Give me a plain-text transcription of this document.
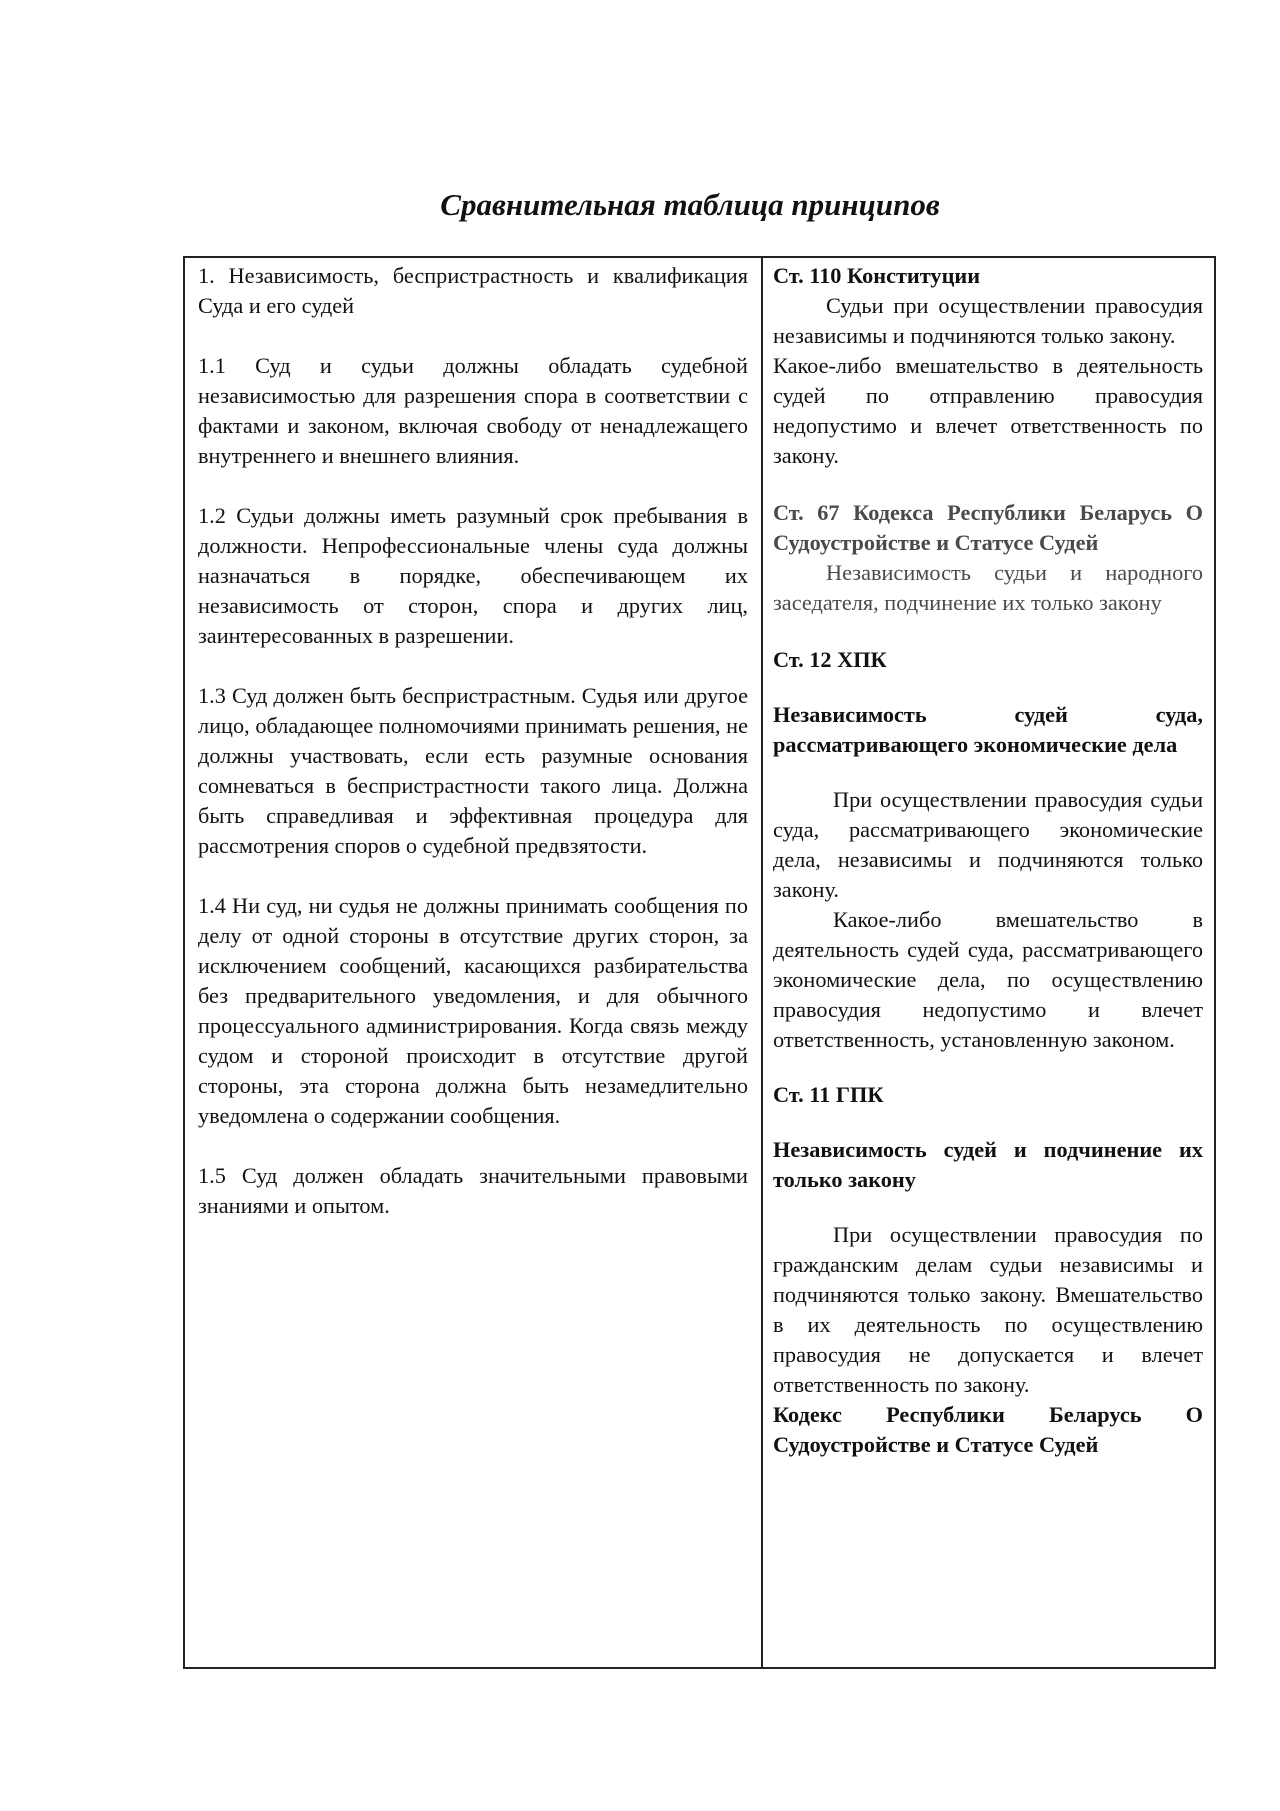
Сравнительная таблица принципов

1. Независимость, беспристрастность и квалификация Суда и его судей

1.1 Суд и судьи должны обладать судебной независимостью для разрешения спора в соответствии с фактами и законом, включая свободу от ненадлежащего внутреннего и внешнего влияния.

1.2 Судьи должны иметь разумный срок пребывания в должности. Непрофессиональные члены суда должны назначаться в порядке, обеспечивающем их независимость от сторон, спора и других лиц, заинтересованных в разрешении.

1.3 Суд должен быть беспристрастным. Судья или другое лицо, обладающее полномочиями принимать решения, не должны участвовать, если есть разумные основания сомневаться в беспристрастности такого лица. Должна быть справедливая и эффективная процедура для рассмотрения споров о судебной предвзятости.

1.4 Ни суд, ни судья не должны принимать сообщения по делу от одной стороны в отсутствие других сторон, за исключением сообщений, касающихся разбирательства без предварительного уведомления, и для обычного процессуального администрирования. Когда связь между судом и стороной происходит в отсутствие другой стороны, эта сторона должна быть незамедлительно уведомлена о содержании сообщения.

1.5 Суд должен обладать значительными правовыми знаниями и опытом.

Ст. 110 Конституции

Судьи при осуществлении правосудия независимы и подчиняются только закону.

Какое-либо вмешательство в деятельность судей по отправлению правосудия недопустимо и влечет ответственность по закону.

Ст. 67 Кодекса Республики Беларусь О Судоустройстве и Статусе Судей

Независимость судьи и народного заседателя, подчинение их только закону

Ст. 12 ХПК

Независимость судей суда, рассматривающего экономические дела

При осуществлении правосудия судьи суда, рассматривающего экономические дела, независимы и подчиняются только закону.

Какое-либо вмешательство в деятельность судей суда, рассматривающего экономические дела, по осуществлению правосудия недопустимо и влечет ответственность, установленную законом.

Ст. 11 ГПК

Независимость судей и подчинение их только закону

При осуществлении правосудия по гражданским делам судьи независимы и подчиняются только закону. Вмешательство в их деятельность по осуществлению правосудия не допускается и влечет ответственность по закону.

Кодекс Республики Беларусь О Судоустройстве и Статусе Судей
